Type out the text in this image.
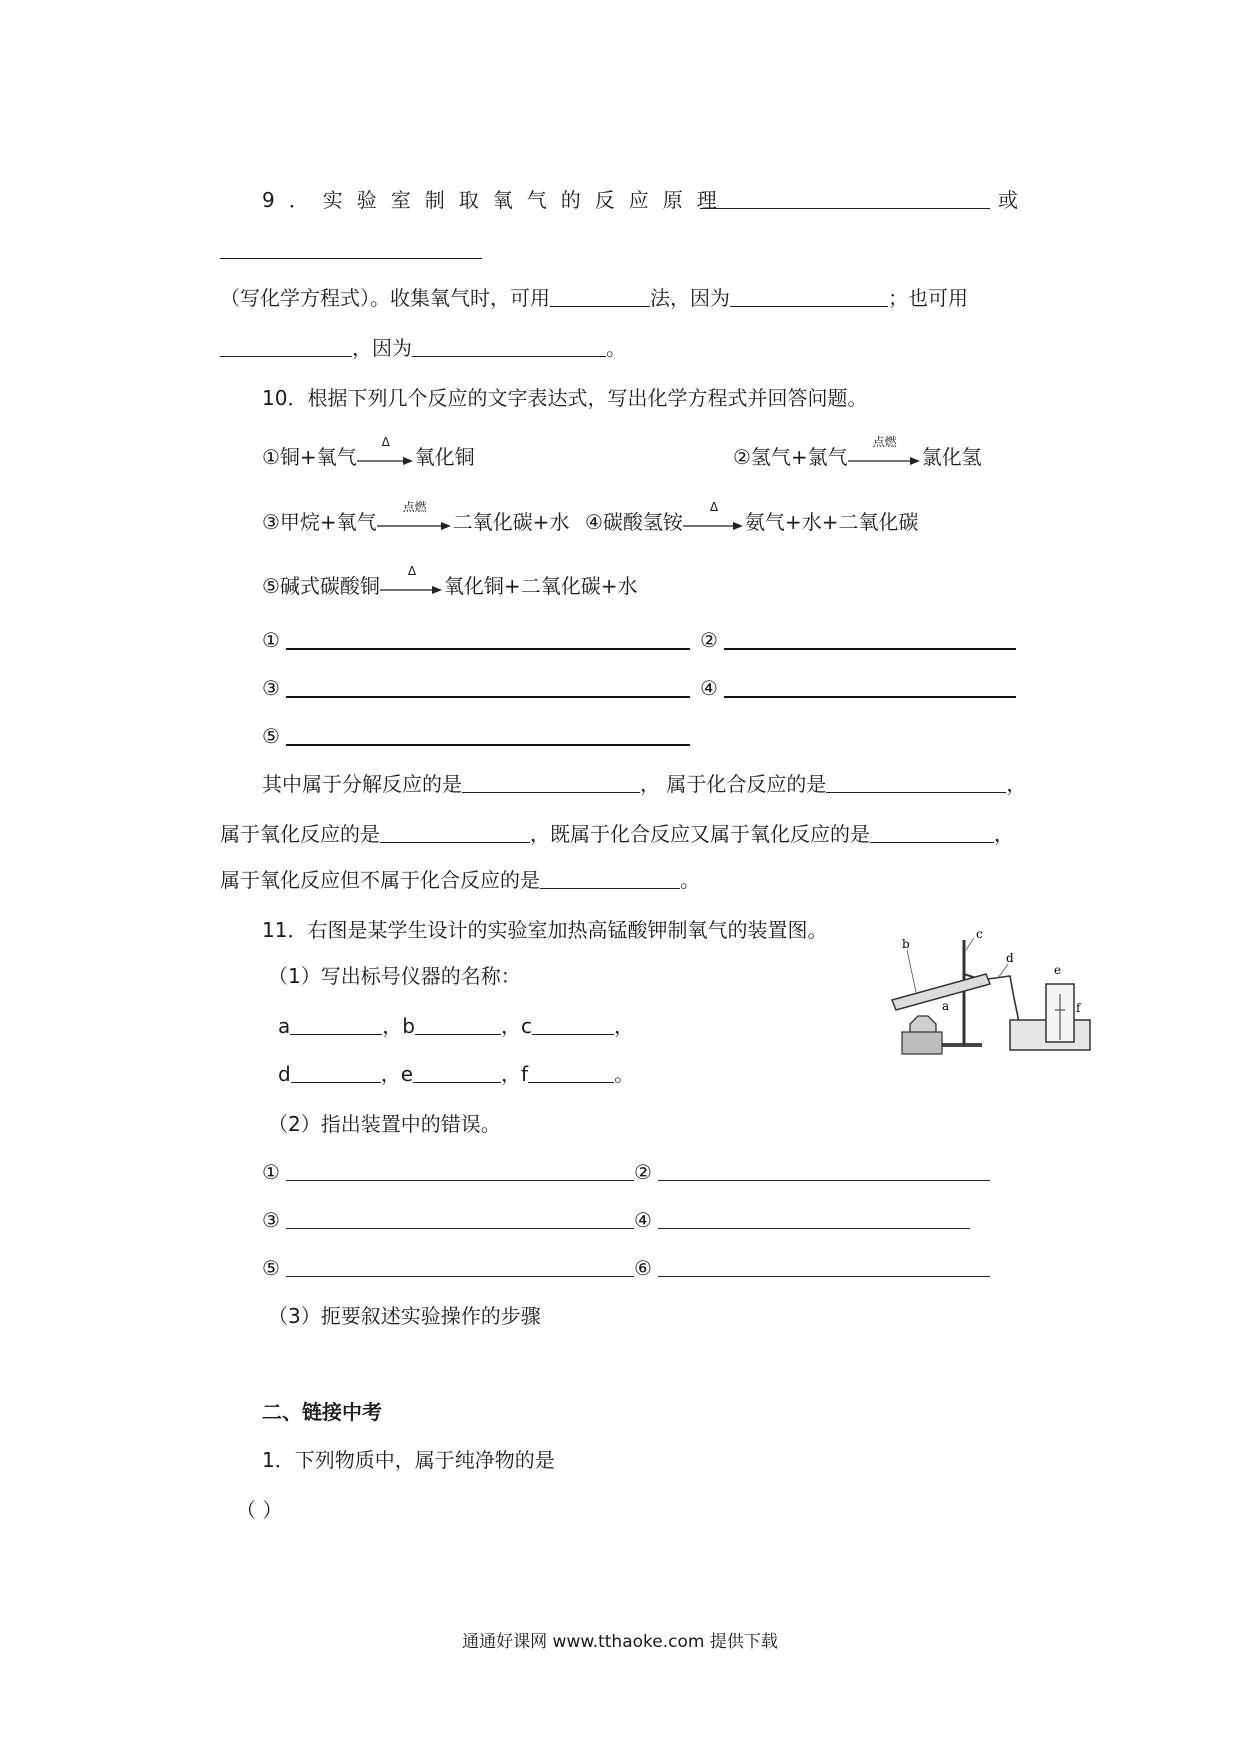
9．实验室制取氧气的反应原理	或
（写化学方程式）。收集氧气时，可用	法，因为	；也可用
，因为	。
10．根据下列几个反应的文字表达式，写出化学方程式并回答问题。
①铜+氧气
Δ
氧化铜	②氢气+氯气
点燃
氯化氢
③甲烷+氧气
点燃
二氧化碳+水 ④碳酸氢铵
Δ
氨气+水+二氧化碳
⑤碱式碳酸铜
Δ
氧化铜+二氧化碳+水
①	②
③	④
⑤
其中属于分解反应的是	， 属于化合反应的是	，
属于氧化反应的是	，既属于化合反应又属于氧化反应的是	，
属于氧化反应但不属于化合反应的是	。
11．右图是某学生设计的实验室加热高锰酸钾制氧气的装置图。
（1）写出标号仪器的名称：
a	，b	，c	，
d	，e	，f	。
b
c
d
a
e
f
（2）指出装置中的错误。
①	②
③	④
⑤	⑥
（3）扼要叙述实验操作的步骤
二、链接中考
1．下列物质中，属于纯净物的是
（ ）
通通好课网 www.tthaoke.com 提供下载
